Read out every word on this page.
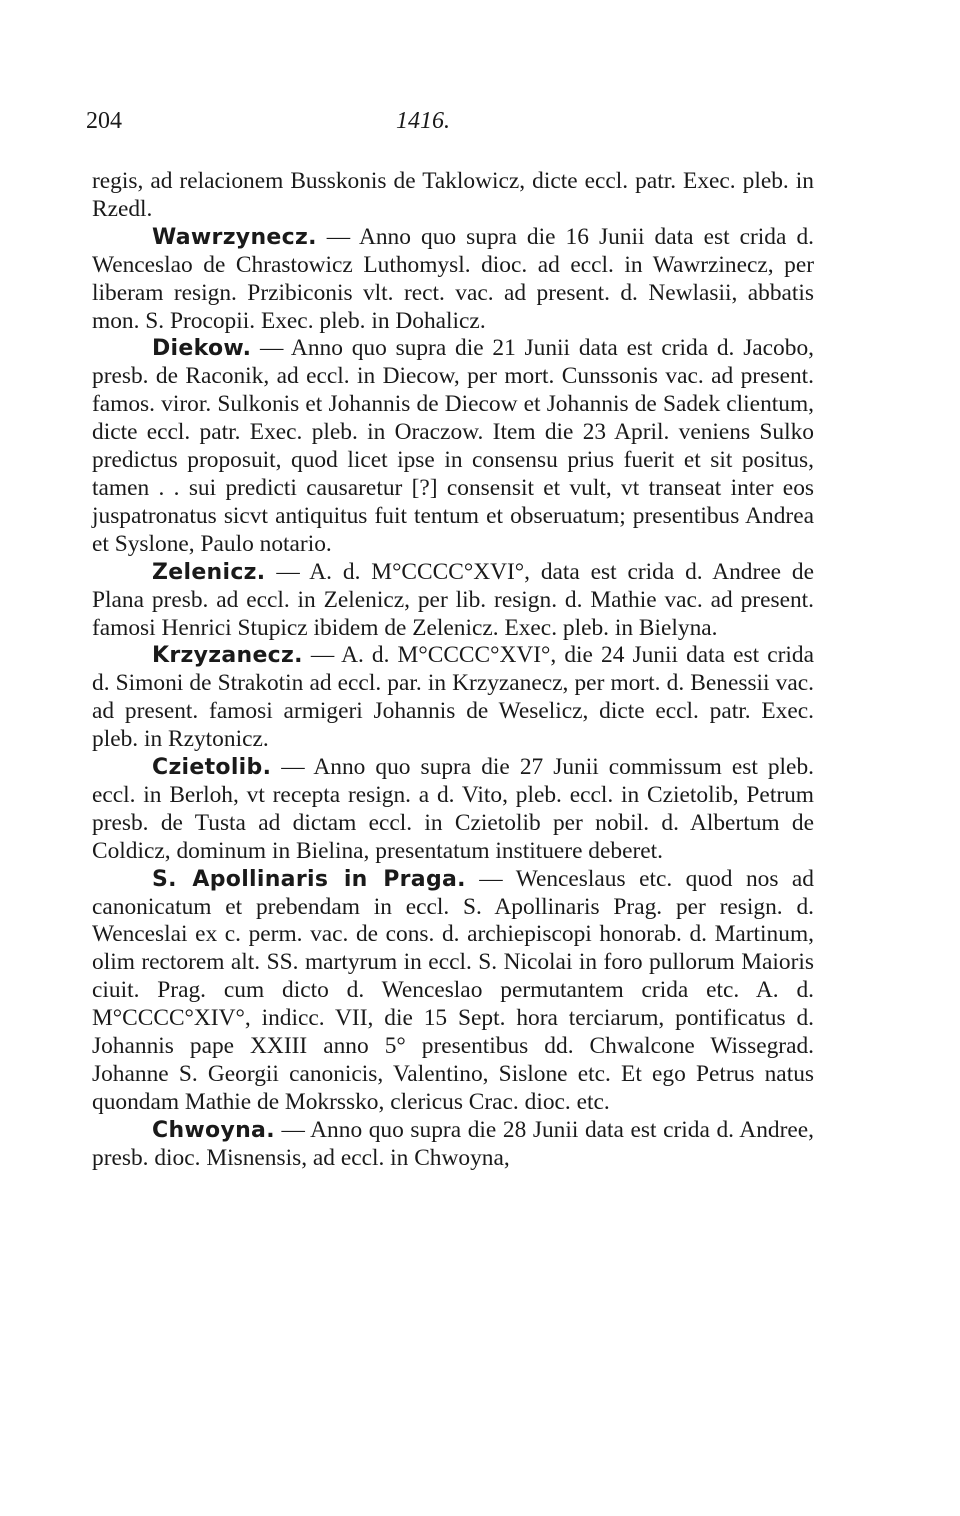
204	1416.

regis, ad relacionem Busskonis de Taklowicz, dicte eccl. patr. Exec. pleb. in Rzedl.

Wawrzynecz. — Anno quo supra die 16 Junii data est crida d. Wenceslao de Chrastowicz Luthomysl. dioc. ad eccl. in Wawrzinecz, per liberam resign. Przibiconis vlt. rect. vac. ad present. d. Newlasii, abbatis mon. S. Procopii. Exec. pleb. in Dohalicz.

Diekow. — Anno quo supra die 21 Junii data est crida d. Jacobo, presb. de Raconik, ad eccl. in Diecow, per mort. Cunssonis vac. ad present. famos. viror. Sulkonis et Johannis de Diecow et Johannis de Sadek clientum, dicte eccl. patr. Exec. pleb. in Oraczow. Item die 23 April. veniens Sulko predictus proposuit, quod licet ipse in consensu prius fuerit et sit positus, tamen . . sui predicti causaretur [?] consensit et vult, vt transeat inter eos juspatronatus sicvt antiquitus fuit tentum et obseruatum; presentibus Andrea et Syslone, Paulo notario.

Zelenicz. — A. d. M°CCCC°XVI°, data est crida d. Andree de Plana presb. ad eccl. in Zelenicz, per lib. resign. d. Mathie vac. ad present. famosi Henrici Stupicz ibidem de Zelenicz. Exec. pleb. in Bielyna.

Krzyzanecz. — A. d. M°CCCC°XVI°, die 24 Junii data est crida d. Simoni de Strakotin ad eccl. par. in Krzyzanecz, per mort. d. Benessii vac. ad present. famosi armigeri Johannis de Weselicz, dicte eccl. patr. Exec. pleb. in Rzytonicz.

Czietolib. — Anno quo supra die 27 Junii commissum est pleb. eccl. in Berloh, vt recepta resign. a d. Vito, pleb. eccl. in Czietolib, Petrum presb. de Tusta ad dictam eccl. in Czietolib per nobil. d. Albertum de Coldicz, dominum in Bielina, presentatum instituere deberet.

S. Apollinaris in Praga. — Wenceslaus etc. quod nos ad canonicatum et prebendam in eccl. S. Apollinaris Prag. per resign. d. Wenceslai ex c. perm. vac. de cons. d. archiepiscopi honorab. d. Martinum, olim rectorem alt. SS. martyrum in eccl. S. Nicolai in foro pullorum Maioris ciuit. Prag. cum dicto d. Wenceslao permutantem crida etc. A. d. M°CCCC°XIV°, indicc. VII, die 15 Sept. hora terciarum, pontificatus d. Johannis pape XXIII anno 5° presentibus dd. Chwalcone Wissegrad. Johanne S. Georgii canonicis, Valentino, Sislone etc. Et ego Petrus natus quondam Mathie de Mokrssko, clericus Crac. dioc. etc.

Chwoyna. — Anno quo supra die 28 Junii data est crida d. Andree, presb. dioc. Misnensis, ad eccl. in Chwoyna,
